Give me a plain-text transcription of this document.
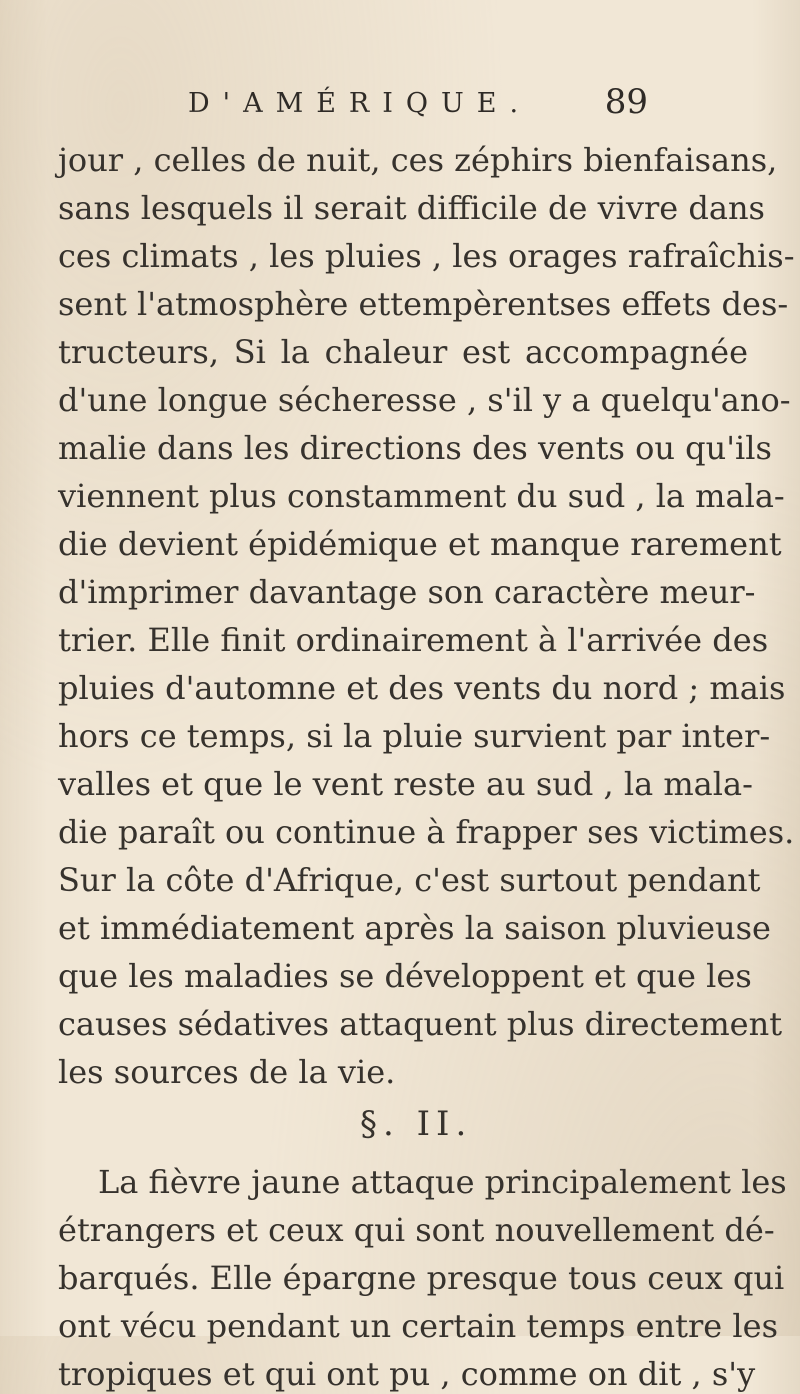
D'AMÉRIQUE. 89
jour , celles de nuit, ces zéphirs bienfaisans,
sans lesquels il serait difficile de vivre dans
ces climats , les pluies , les orages rafraîchis-
sent l'atmosphère ettempèrentses effets des-
tructeurs, Si la chaleur est accompagnée
d'une longue sécheresse , s'il y a quelqu'ano-
malie dans les directions des vents ou qu'ils
viennent plus constamment du sud , la mala-
die devient épidémique et manque rarement
d'imprimer davantage son caractère meur-
trier. Elle finit ordinairement à l'arrivée des
pluies d'automne et des vents du nord ; mais
hors ce temps, si la pluie survient par inter-
valles et que le vent reste au sud , la mala-
die paraît ou continue à frapper ses victimes.
Sur la côte d'Afrique, c'est surtout pendant
et immédiatement après la saison pluvieuse
que les maladies se développent et que les
causes sédatives attaquent plus directement
les sources de la vie.
§. II.
La fièvre jaune attaque principalement les
étrangers et ceux qui sont nouvellement dé-
barqués. Elle épargne presque tous ceux qui
ont vécu pendant un certain temps entre les
tropiques et qui ont pu , comme on dit , s'y
